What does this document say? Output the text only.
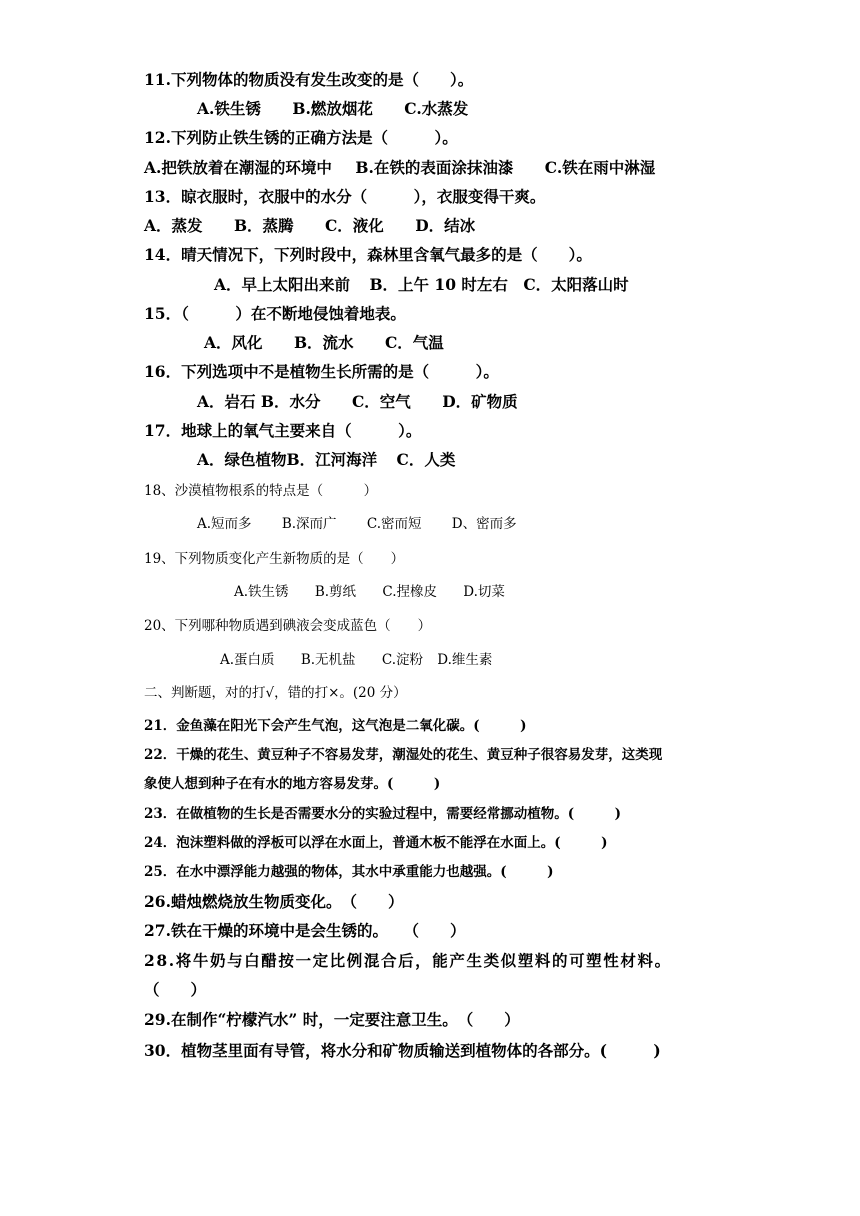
11.下列物体的物质没有发生改变的是（　　）。
A.铁生锈 B.燃放烟花 C.水蒸发
12.下列防止铁生锈的正确方法是（　　　）。
A.把铁放着在潮湿的环境中 B.在铁的表面涂抹油漆 C.铁在雨中淋湿
13．晾衣服时，衣服中的水分（　　　），衣服变得干爽。
A．蒸发 B．蒸腾 C．液化 D．结冰
14．晴天情况下，下列时段中，森林里含氧气最多的是（　　）。
A．早上太阳出来前 B．上午 10 时左右 C．太阳落山时
15．（　　　）在不断地侵蚀着地表。
A．风化 B．流水 C．气温
16．下列选项中不是植物生长所需的是（　　　）。
A．岩石 B．水分 C．空气 D．矿物质
17．地球上的氧气主要来自（　　　）。
A．绿色植物B．江河海洋 C．人类
18、沙漠植物根系的特点是（　　　）
A.短而多 B.深而广 C.密而短 D、密而多
19、下列物质变化产生新物质的是（　　）
A.铁生锈 B.剪纸 C.捏橡皮 D.切菜
20、下列哪种物质遇到碘液会变成蓝色（　　）
A.蛋白质 B.无机盐 C.淀粉 D.维生素
二、判断题，对的打√，错的打×。(20 分）
21．金鱼藻在阳光下会产生气泡，这气泡是二氧化碳。(　　　)
22．干燥的花生、黄豆种子不容易发芽，潮湿处的花生、黄豆种子很容易发芽，这类现
象使人想到种子在有水的地方容易发芽。(　　　)
23．在做植物的生长是否需要水分的实验过程中，需要经常挪动植物。(　　　)
24．泡沫塑料做的浮板可以浮在水面上，普通木板不能浮在水面上。(　　　)
25．在水中漂浮能力越强的物体，其水中承重能力也越强。(　　　)
26.蜡烛燃烧放生物质变化。　（　　）
27.铁在干燥的环境中是会生锈的。　　（　　）
28.将牛奶与白醋按一定比例混合后，能产生类似塑料的可塑性材料。
（　　）
29.在制作“柠檬汽水” 时，一定要注意卫生。　（　　）
30．植物茎里面有导管，将水分和矿物质输送到植物体的各部分。(　　　)
